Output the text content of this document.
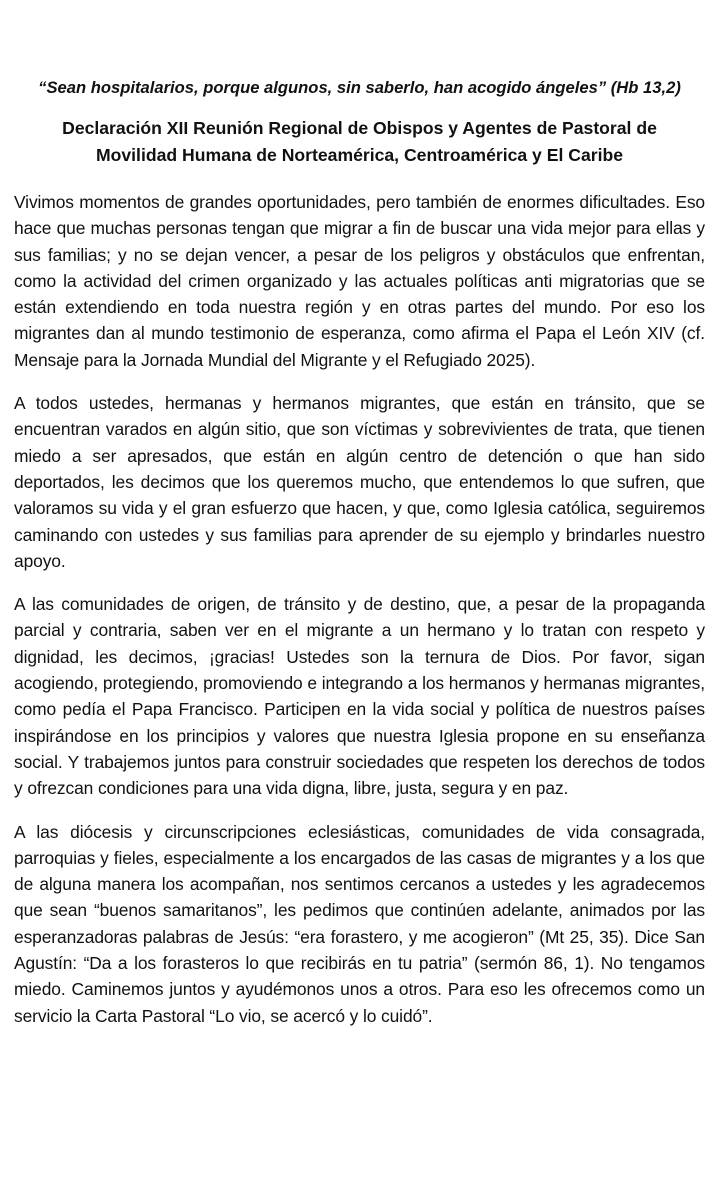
“Sean hospitalarios, porque algunos, sin saberlo, han acogido ángeles” (Hb 13,2)

Declaración XII Reunión Regional de Obispos y Agentes de Pastoral de
Movilidad Humana de Norteamérica, Centroamérica y El Caribe

Vivimos momentos de grandes oportunidades, pero también de enormes dificultades. Eso hace que muchas personas tengan que migrar a fin de buscar una vida mejor para ellas y sus familias; y no se dejan vencer, a pesar de los peligros y obstáculos que enfrentan, como la actividad del crimen organizado y las actuales políticas anti migratorias que se están extendiendo en toda nuestra región y en otras partes del mundo. Por eso los migrantes dan al mundo testimonio de esperanza, como afirma el Papa el León XIV (cf. Mensaje para la Jornada Mundial del Migrante y el Refugiado 2025).

A todos ustedes, hermanas y hermanos migrantes, que están en tránsito, que se encuentran varados en algún sitio, que son víctimas y sobrevivientes de trata, que tienen miedo a ser apresados, que están en algún centro de detención o que han sido deportados, les decimos que los queremos mucho, que entendemos lo que sufren, que valoramos su vida y el gran esfuerzo que hacen, y que, como Iglesia católica, seguiremos caminando con ustedes y sus familias para aprender de su ejemplo y brindarles nuestro apoyo.

A las comunidades de origen, de tránsito y de destino, que, a pesar de la propaganda parcial y contraria, saben ver en el migrante a un hermano y lo tratan con respeto y dignidad, les decimos, ¡gracias! Ustedes son la ternura de Dios. Por favor, sigan acogiendo, protegiendo, promoviendo e integrando a los hermanos y hermanas migrantes, como pedía el Papa Francisco. Participen en la vida social y política de nuestros países inspirándose en los principios y valores que nuestra Iglesia propone en su enseñanza social. Y trabajemos juntos para construir sociedades que respeten los derechos de todos y ofrezcan condiciones para una vida digna, libre, justa, segura y en paz.

A las diócesis y circunscripciones eclesiásticas, comunidades de vida consagrada, parroquias y fieles, especialmente a los encargados de las casas de migrantes y a los que de alguna manera los acompañan, nos sentimos cercanos a ustedes y les agradecemos que sean “buenos samaritanos”, les pedimos que continúen adelante, animados por las esperanzadoras palabras de Jesús: “era forastero, y me acogieron” (Mt 25, 35). Dice San Agustín: “Da a los forasteros lo que recibirás en tu patria” (sermón 86, 1). No tengamos miedo. Caminemos juntos y ayudémonos unos a otros. Para eso les ofrecemos como un servicio la Carta Pastoral “Lo vio, se acercó y lo cuidó”.
